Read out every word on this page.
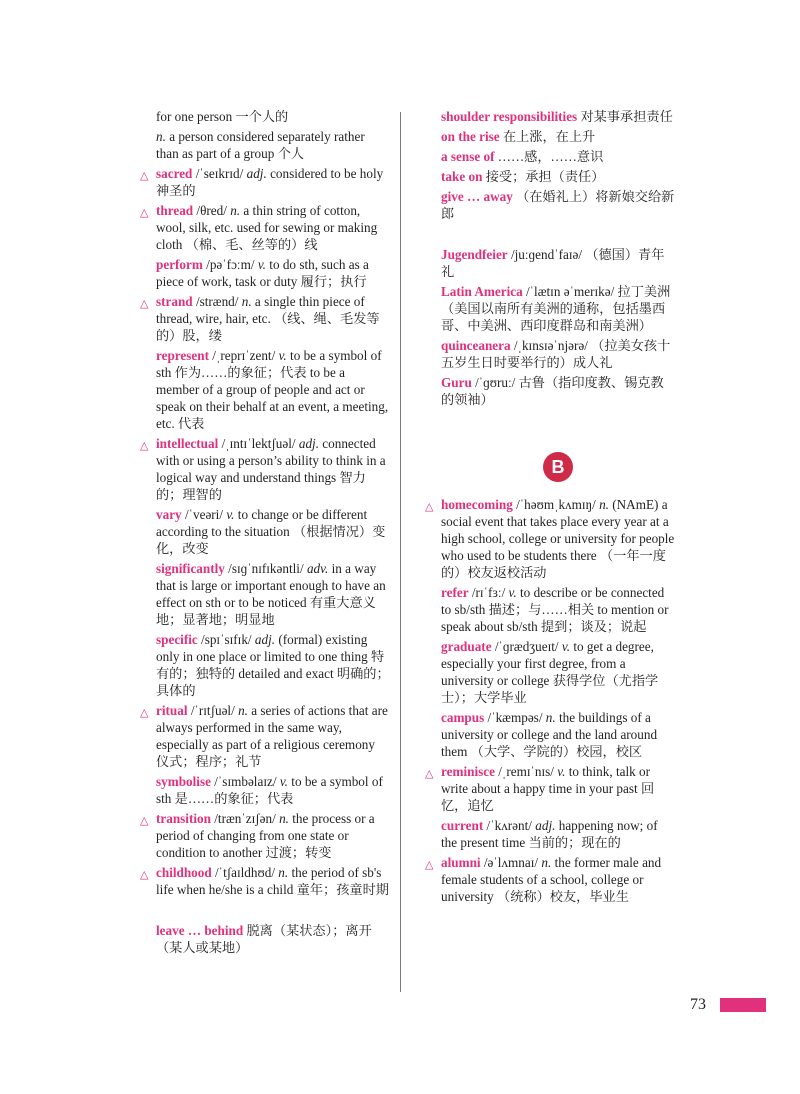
for one person 一个人的
n. a person considered separately rather than as part of a group 个人
△ sacred /ˈseɪkrɪd/ adj. considered to be holy 神圣的
△ thread /θred/ n. a thin string of cotton, wool, silk, etc. used for sewing or making cloth （棉、毛、丝等的）线
perform /pəˈfɔːm/ v. to do sth, such as a piece of work, task or duty 履行；执行
△ strand /strænd/ n. a single thin piece of thread, wire, hair, etc. （线、绳、毛发等的）股，缕
represent /ˌreprɪˈzent/ v. to be a symbol of sth 作为……的象征；代表 to be a member of a group of people and act or speak on their behalf at an event, a meeting, etc. 代表
△ intellectual /ˌɪntɪˈlektʃuəl/ adj. connected with or using a person’s ability to think in a logical way and understand things 智力的；理智的
vary /ˈveəri/ v. to change or be different according to the situation （根据情况）变化，改变
significantly /sɪɡˈnɪfɪkəntli/ adv. in a way that is large or important enough to have an effect on sth or to be noticed 有重大意义地；显著地；明显地
specific /spɪˈsɪfɪk/ adj. (formal) existing only in one place or limited to one thing 特有的；独特的 detailed and exact 明确的；具体的
△ ritual /ˈrɪtʃuəl/ n. a series of actions that are always performed in the same way, especially as part of a religious ceremony 仪式；程序；礼节
symbolise /ˈsɪmbəlaɪz/ v. to be a symbol of sth 是……的象征；代表
△ transition /trænˈzɪʃən/ n. the process or a period of changing from one state or condition to another 过渡；转变
△ childhood /ˈtʃaɪldhʊd/ n. the period of sb's life when he/she is a child 童年；孩童时期
leave … behind 脱离（某状态）；离开（某人或某地）
shoulder responsibilities 对某事承担责任
on the rise 在上涨，在上升
a sense of ……感，……意识
take on 接受；承担（责任）
give … away （在婚礼上）将新娘交给新郎
Jugendfeier /juːɡendˈfaɪə/ （德国）青年礼
Latin America /ˈlætɪn əˈmerɪkə/ 拉丁美洲（美国以南所有美洲的通称，包括墨西哥、中美洲、西印度群岛和南美洲）
quinceanera /ˌkɪnsɪəˈnjərə/ （拉美女孩十五岁生日时要举行的）成人礼
Guru /ˈɡʊruː/ 古鲁（指印度教、锡克教的领袖）
B
△ homecoming /ˈhəʊmˌkʌmɪŋ/ n. (NAmE) a social event that takes place every year at a high school, college or university for people who used to be students there （一年一度的）校友返校活动
refer /rɪˈfɜː/ v. to describe or be connected to sb/sth 描述；与……相关 to mention or speak about sb/sth 提到；谈及；说起
graduate /ˈɡrædʒueɪt/ v. to get a degree, especially your first degree, from a university or college 获得学位（尤指学士）；大学毕业
campus /ˈkæmpəs/ n. the buildings of a university or college and the land around them （大学、学院的）校园，校区
△ reminisce /ˌremɪˈnɪs/ v. to think, talk or write about a happy time in your past 回忆，追忆
current /ˈkʌrənt/ adj. happening now; of the present time 当前的；现在的
△ alumni /əˈlʌmnaɪ/ n. the former male and female students of a school, college or university （统称）校友，毕业生
73
